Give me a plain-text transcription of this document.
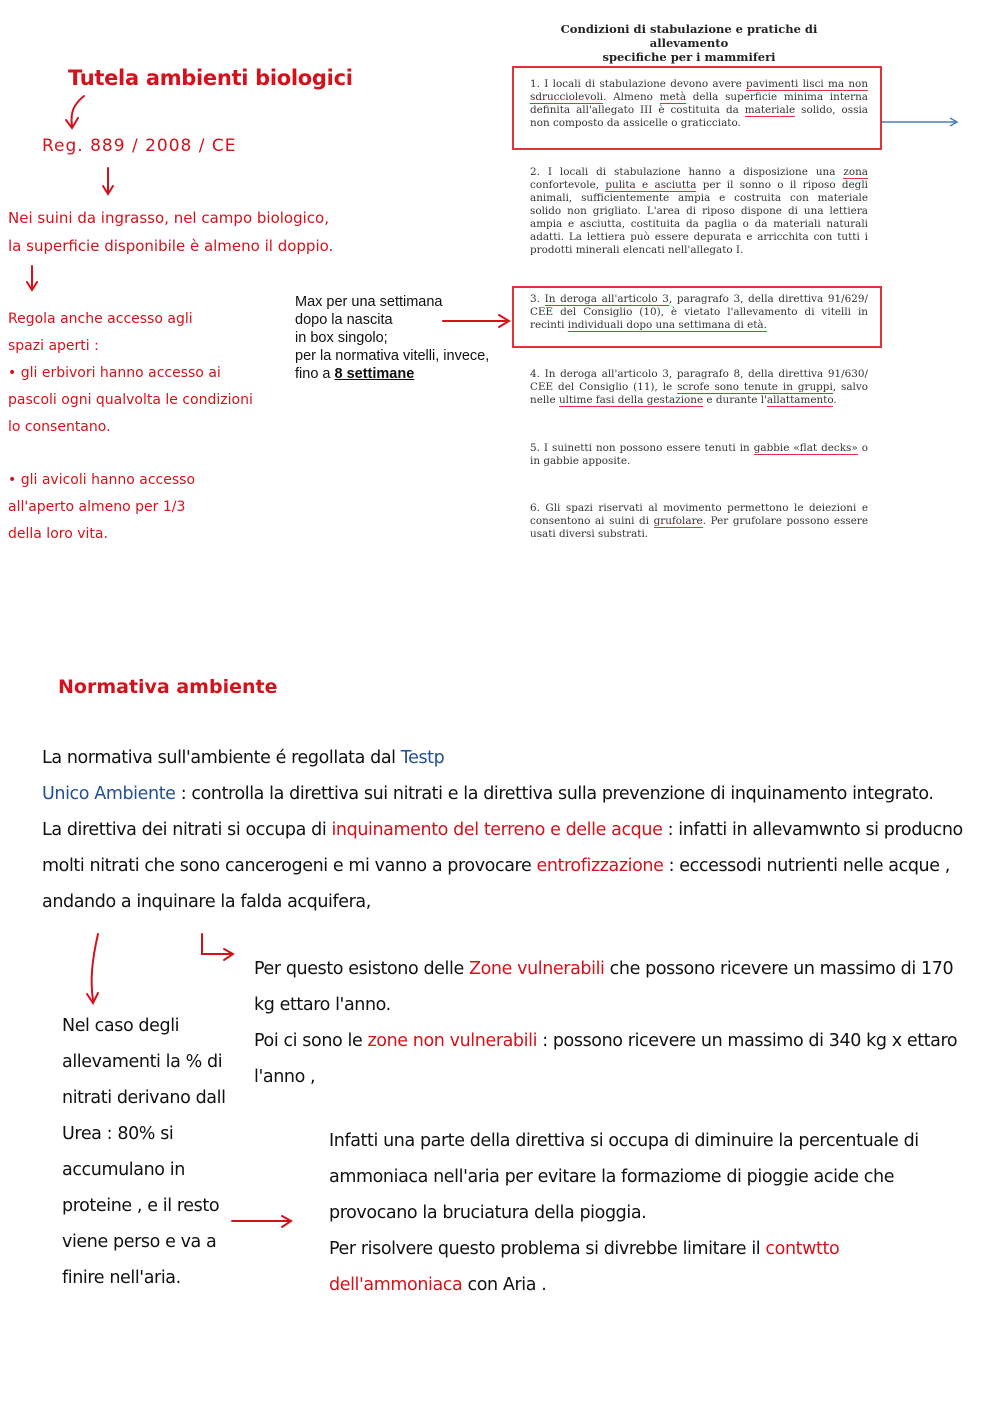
Tutela ambienti biologici
Reg. 889 / 2008 / CE
Nei suini da ingrasso, nel campo biologico,
la superficie disponibile è almeno il doppio.
Regola anche accesso agli
spazi aperti :
• gli erbivori hanno accesso ai
pascoli ogni qualvolta le condizioni
lo consentano.
• gli avicoli hanno accesso
all'aperto almeno per 1/3
della loro vita.
Condizioni di stabulazione e pratiche di allevamento
specifiche per i mammiferi

1. I locali di stabulazione devono avere pavimenti lisci ma non sdrucciolevoli. Almeno metà della superficie minima interna definita all'allegato III è costituita da materiale solido, ossia non composto da assicelle o graticciato.

2. I locali di stabulazione hanno a disposizione una zona confortevole, pulita e asciutta per il sonno o il riposo degli animali, sufficientemente ampia e costruita con materiale solido non grigliato. L'area di riposo dispone di una lettiera ampia e asciutta, costituita da paglia o da materiali naturali adatti. La lettiera può essere depurata e arricchita con tutti i prodotti minerali elencati nell'allegato I.

3. In deroga all'articolo 3, paragrafo 3, della direttiva 91/629/ CEE del Consiglio (10), è vietato l'allevamento di vitelli in recinti individuali dopo una settimana di età.

4. In deroga all'articolo 3, paragrafo 8, della direttiva 91/630/ CEE del Consiglio (11), le scrofe sono tenute in gruppi, salvo nelle ultime fasi della gestazione e durante l'allattamento.

5. I suinetti non possono essere tenuti in gabbie «flat decks» o in gabbie apposite.

6. Gli spazi riservati al movimento permettono le deiezioni e consentono ai suini di grufolare. Per grufolare possono essere usati diversi substrati.

Max per una settimana
dopo la nascita
in box singolo;
per la normativa vitelli, invece,
fino a 8 settimane
Normativa ambiente
La normativa sull'ambiente é regollata dal Testp
Unico Ambiente : controlla la direttiva sui nitrati e la direttiva sulla prevenzione di inquinamento integrato.
La direttiva dei nitrati si occupa di inquinamento del terreno e delle acque : infatti in allevamwnto si producno molti nitrati che sono cancerogeni e mi vanno a provocare entrofizzazione : eccessodi nutrienti nelle acque , andando a inquinare la falda acquifera,
Per questo esistono delle Zone vulnerabili che possono ricevere un massimo di 170 kg ettaro l'anno.
Poi ci sono le zone non vulnerabili : possono ricevere un massimo di 340 kg x ettaro l'anno ,
Nel caso degli allevamenti la % di nitrati derivano dall Urea : 80% si accumulano in proteine , e il resto viene perso e va a finire nell'aria.
Infatti una parte della direttiva si occupa di diminuire la percentuale di ammoniaca nell'aria per evitare la formaziome di pioggie acide che provocano la bruciatura della pioggia.
Per risolvere questo problema si divrebbe limitare il contwtto dell'ammoniaca con Aria .
